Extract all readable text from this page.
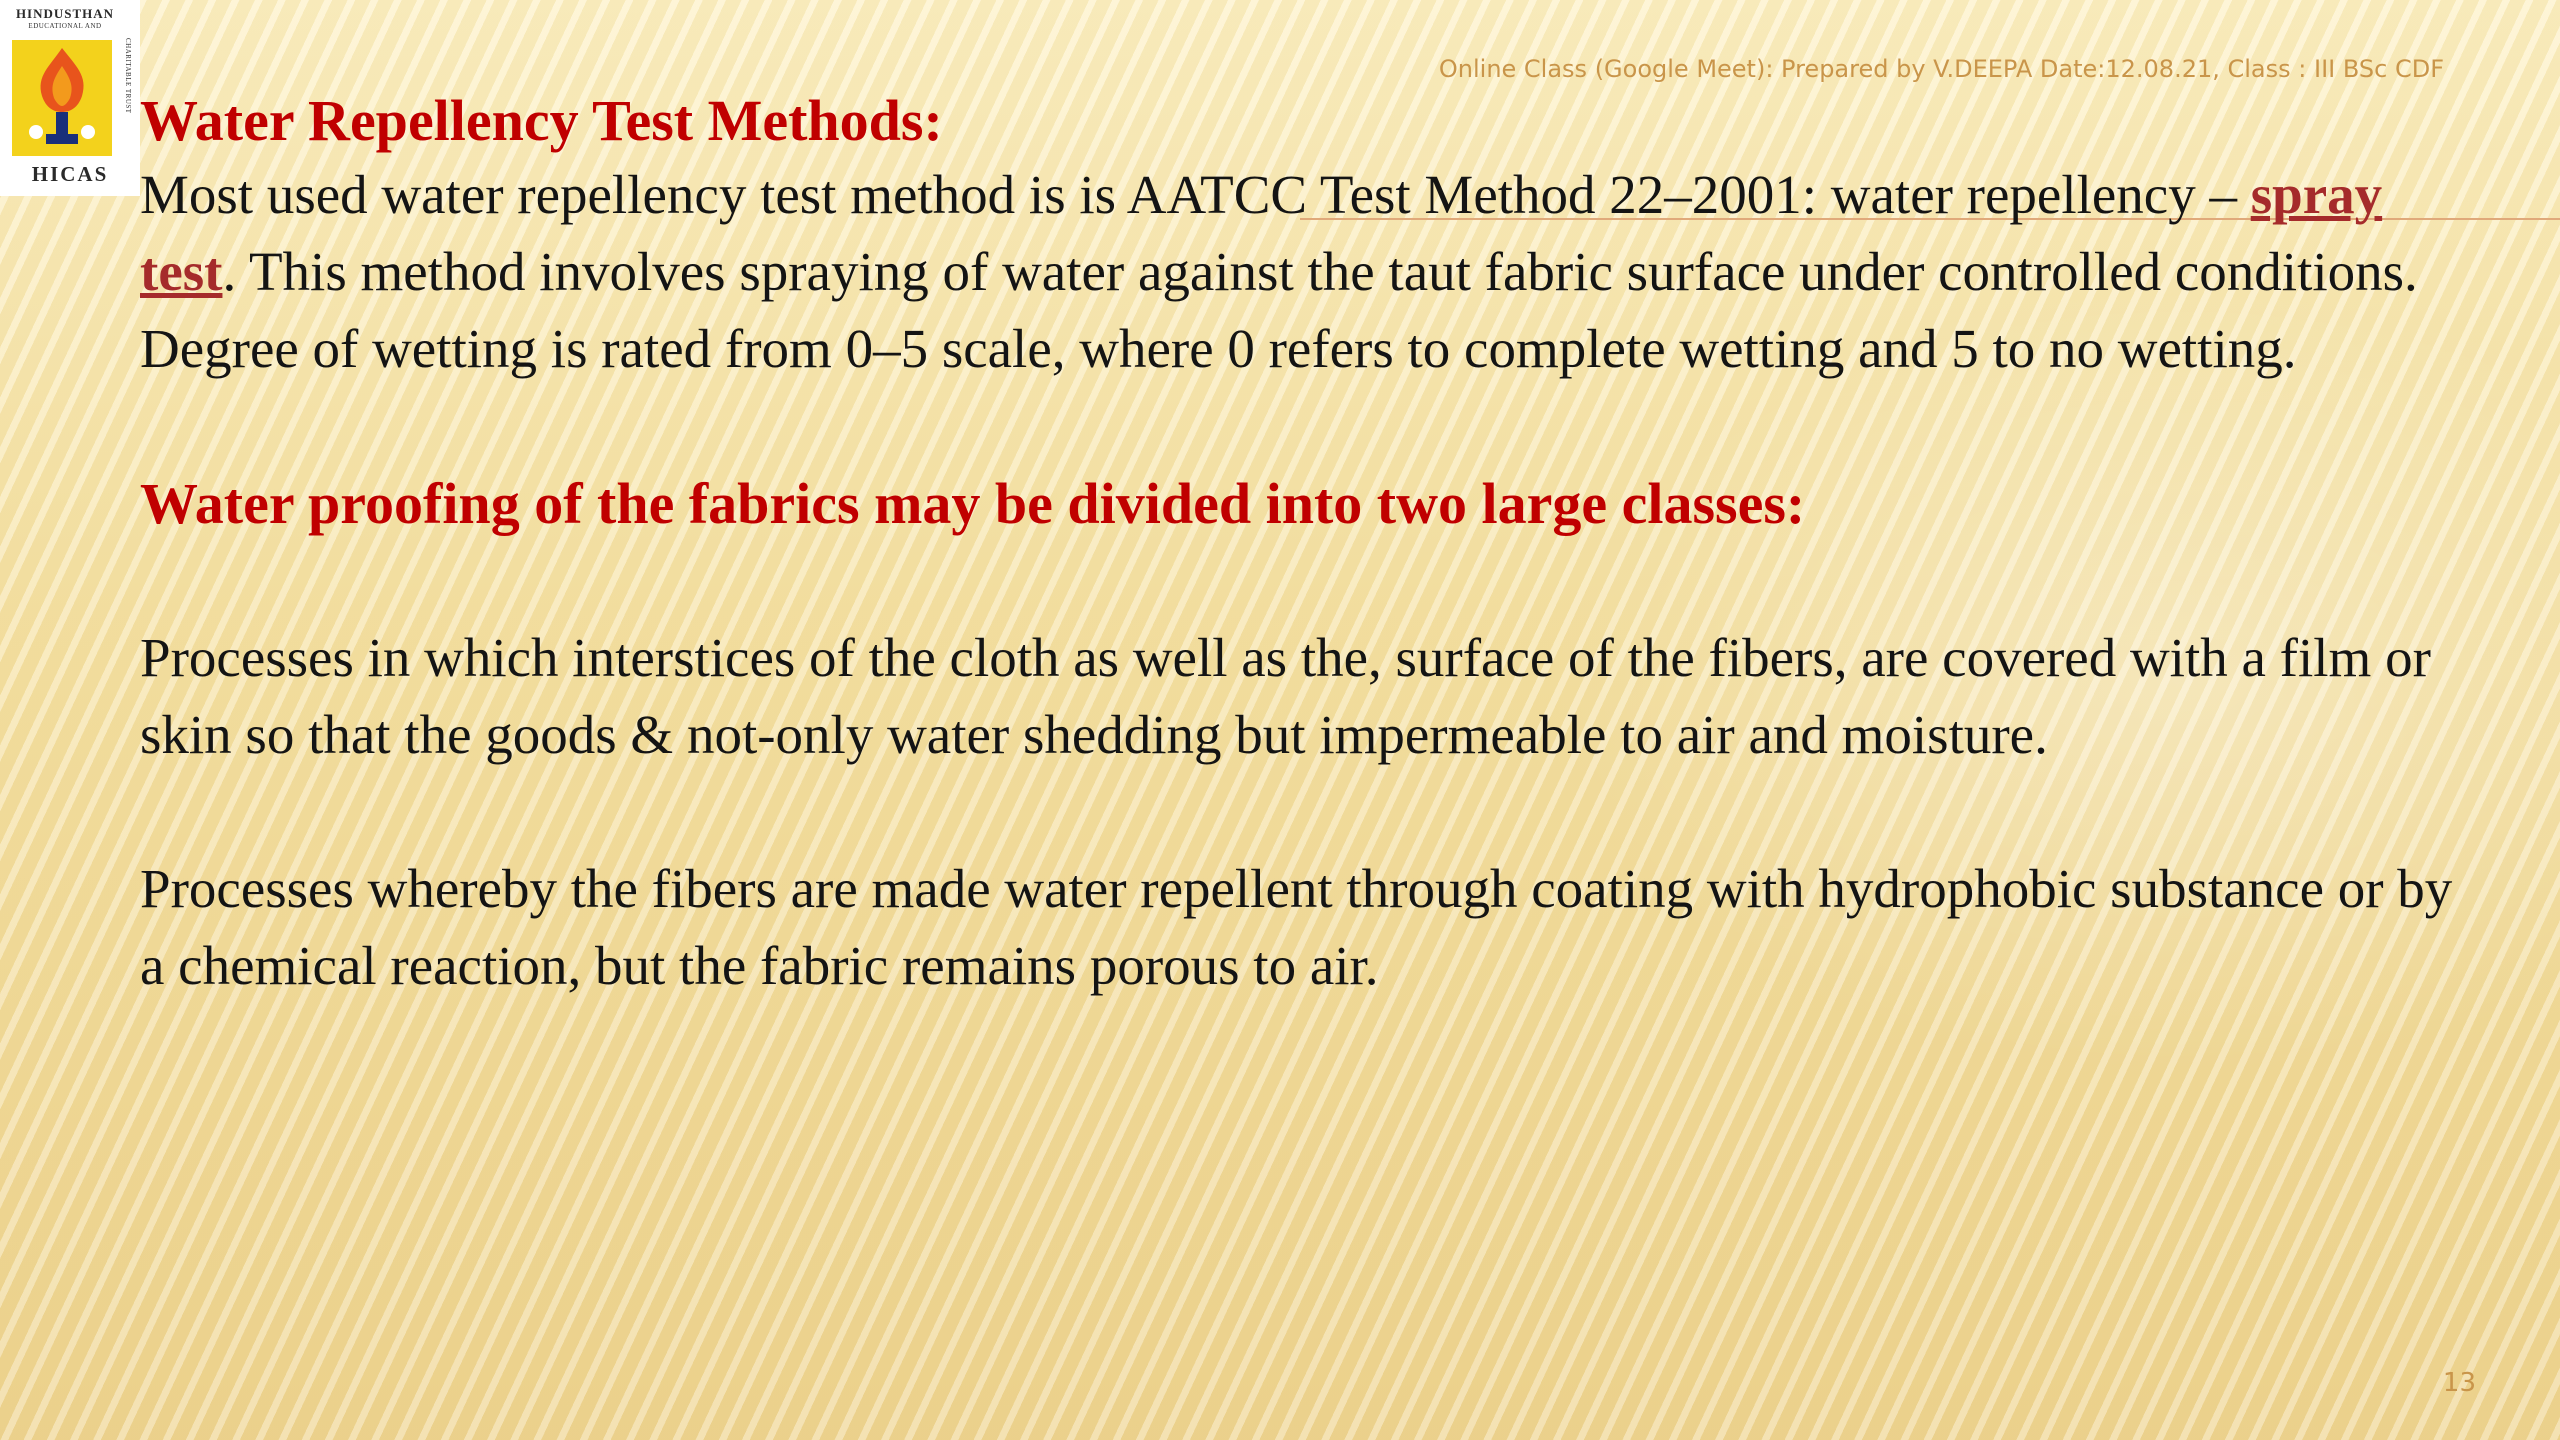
HINDUSTHAN
EDUCATIONAL AND
CHARITABLE TRUST
HICAS
Online Class (Google Meet): Prepared by V.DEEPA Date:12.08.21, Class : III BSc CDF
Water Repellency Test Methods:

Most used water repellency test method is is AATCC Test Method 22–2001: water repellency – spray test. This method involves spraying of water against the taut fabric surface under controlled conditions. Degree of wetting is rated from 0–5 scale, where 0 refers to complete wetting and 5 to no wetting.

Water proofing of the fabrics may be divided into two large classes:

Processes in which interstices of the cloth as well as the, surface of the fibers, are covered with a film or skin so that the goods & not-only water shedding but impermeable to air and moisture.

Processes whereby the fibers are made water repellent through coating with hydrophobic substance or by a chemical reaction, but the fabric remains porous to air.

13
